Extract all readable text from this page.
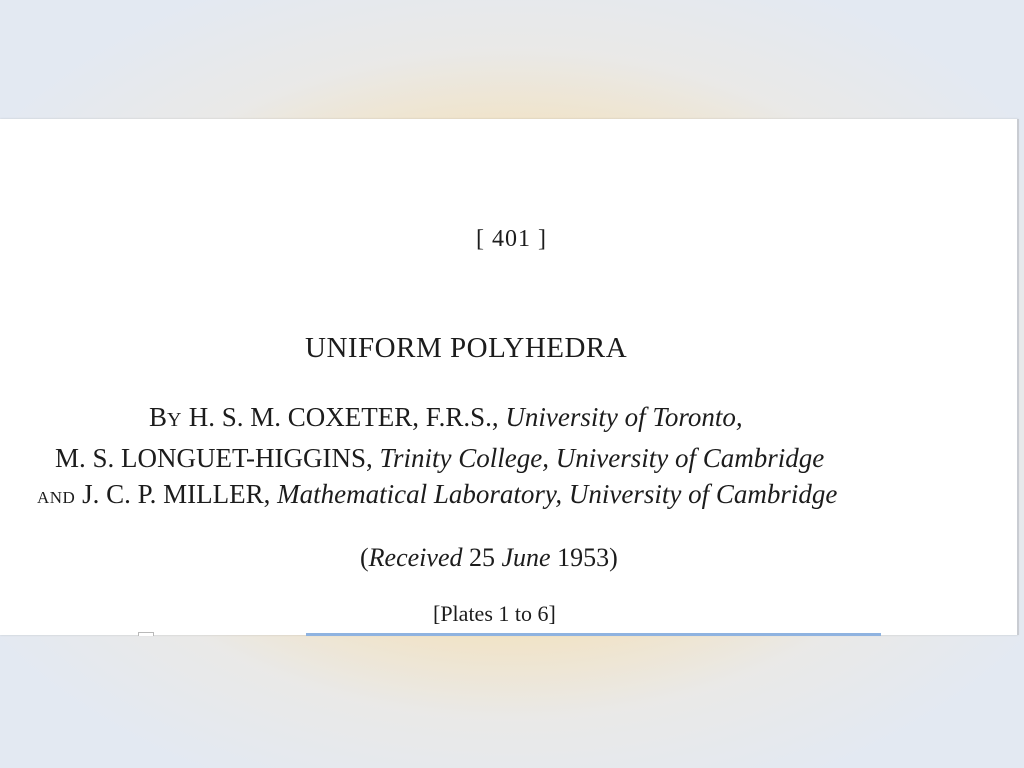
[ 401 ]
UNIFORM POLYHEDRA
BY H. S. M. COXETER, F.R.S., University of Toronto,
M. S. LONGUET-HIGGINS, Trinity College, University of Cambridge
AND J. C. P. MILLER, Mathematical Laboratory, University of Cambridge
(Received 25 June 1953)
[Plates 1 to 6]
